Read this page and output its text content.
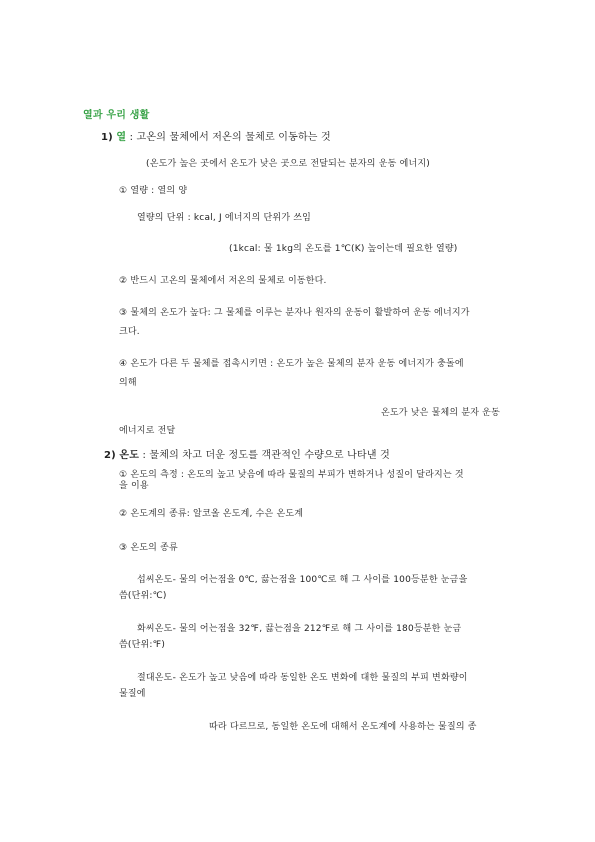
열과 우리 생활
1) 열 : 고온의 물체에서 저온의 물체로 이동하는 것
(온도가 높은 곳에서 온도가 낮은 곳으로 전달되는 분자의 운동 에너지)
① 열량 : 열의 양
열량의 단위 : kcal, J 에너지의 단위가 쓰임
(1kcal: 물 1kg의 온도를 1℃(K) 높이는데 필요한 열량)
② 반드시 고온의 물체에서 저온의 물체로 이동한다.
③ 물체의 온도가 높다: 그 물체를 이루는 분자나 원자의 운동이 활발하여 운동 에너지가
크다.
④ 온도가 다른 두 물체를 접촉시키면 : 온도가 높은 물체의 분자 운동 에너지가 충돌에
의해
온도가 낮은 물체의 분자 운동
에너지로 전달
2) 온도 : 물체의 차고 더운 정도를 객관적인 수량으로 나타낸 것
① 온도의 측정 : 온도의 높고 낮음에 따라 물질의 부피가 변하거나 성질이 달라지는 것
을 이용
② 온도계의 종류: 알코올 온도계, 수은 온도계
③ 온도의 종류
섭씨온도- 물의 어는점을 0℃, 끓는점을 100℃로 해 그 사이를 100등분한 눈금을
씀(단위:℃)
화씨온도- 물의 어는점을 32℉, 끓는점을 212℉로 해 그 사이를 180등분한 눈금
씀(단위:℉)
절대온도- 온도가 높고 낮음에 따라 동일한 온도 변화에 대한 물질의 부피 변화량이
물질에
따라 다르므로, 동일한 온도에 대해서 온도계에 사용하는 물질의 종
